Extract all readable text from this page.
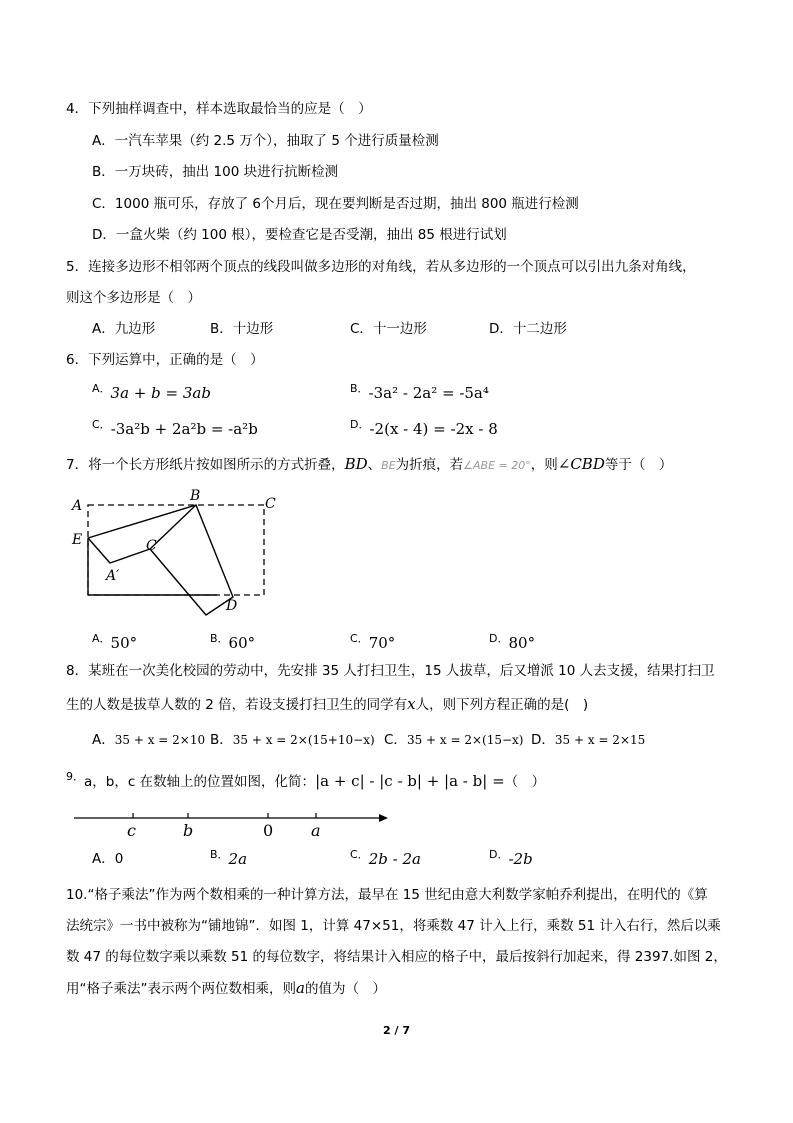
4．下列抽样调查中，样本选取最恰当的应是（　）
A．一汽车苹果（约 2.5 万个），抽取了 5 个进行质量检测
B．一万块砖，抽出 100 块进行抗断检测
C．1000 瓶可乐，存放了 6个月后，现在要判断是否过期，抽出 800 瓶进行检测
D．一盒火柴（约 100 根），要检查它是否受潮，抽出 85 根进行试划
5．连接多边形不相邻两个顶点的线段叫做多边形的对角线，若从多边形的一个顶点可以引出九条对角线，
则这个多边形是（　）
A．九边形	B．十边形	C．十一边形	D．十二边形
6．下列运算中，正确的是（　）
$^{A.}$3a + b = 3ab	$^{B.}$-3a² - 2a² = -5a⁴
$^{C.}$-3a²b + 2a²b = -a²b	$^{D.}$-2(x - 4) = -2x - 8
7．将一个长方形纸片按如图所示的方式折叠，BD、BE为折痕，若∠ABE = 20°，则∠CBD等于（　）
A
B	C
E	C′
A′
D
$^{A.}$50°	$^{B.}$60°	$^{C.}$70°	$^{D.}$80°
8．某班在一次美化校园的劳动中，先安排 35 人打扫卫生，15 人拔草，后又增派 10 人去支援，结果打扫卫
生的人数是拔草人数的 2 倍，若设支援打扫卫生的同学有x人，则下列方程正确的是(　)
A．35 + x = 2×10 B．35 + x = 2×(15+10−x) C．35 + x = 2×(15−x) D．35 + x = 2×15
$^{9.}$a，b，c 在数轴上的位置如图，化简：|a + c| - |c - b| + |a - b| =（　）
c	b	0 a
A．0	$^{B.}$2a	$^{C.}$2b - 2a	$^{D.}$-2b
10.“格子乘法”作为两个数相乘的一种计算方法，最早在 15 世纪由意大利数学家帕乔利提出，在明代的《算
法统宗》一书中被称为“铺地锦”．如图 1，计算 47×51，将乘数 47 计入上行，乘数 51 计入右行，然后以乘
数 47 的每位数字乘以乘数 51 的每位数字，将结果计入相应的格子中，最后按斜行加起来，得 2397.如图 2，
用“格子乘法”表示两个两位数相乘，则a的值为（　）
2 / 7
